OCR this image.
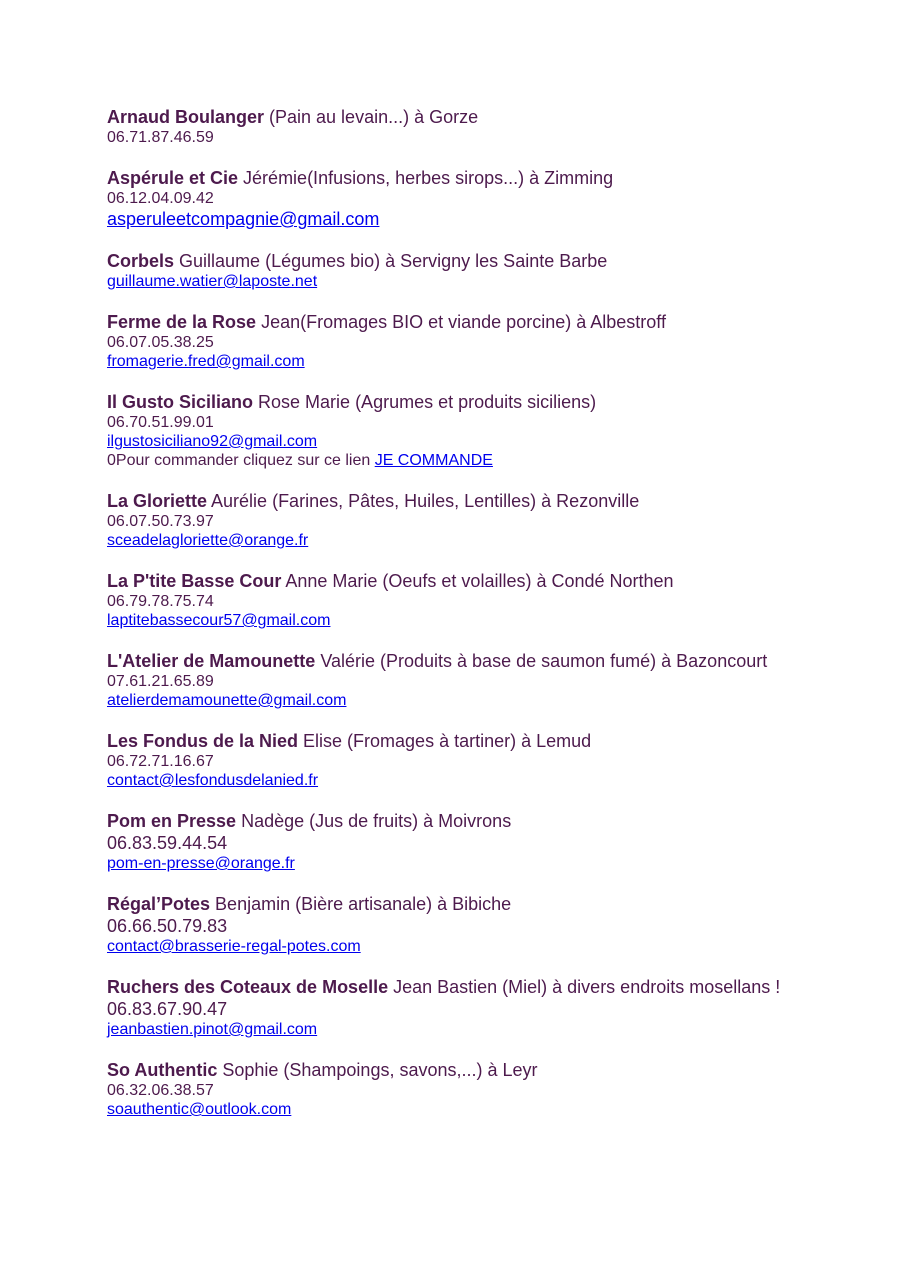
Arnaud Boulanger (Pain au levain...) à Gorze
06.71.87.46.59
Aspérule et Cie Jérémie(Infusions, herbes sirops...) à Zimming
06.12.04.09.42
asperuleetcompagnie@gmail.com
Corbels Guillaume (Légumes bio) à Servigny les Sainte Barbe
guillaume.watier@laposte.net
Ferme de la Rose Jean(Fromages BIO et viande porcine) à Albestroff
06.07.05.38.25
fromagerie.fred@gmail.com
Il Gusto Siciliano Rose Marie (Agrumes et produits siciliens)
06.70.51.99.01
ilgustosiciliano92@gmail.com
0Pour commander cliquez sur ce lien JE COMMANDE
La Gloriette Aurélie (Farines, Pâtes, Huiles, Lentilles) à Rezonville
06.07.50.73.97
sceadelagloriette@orange.fr
La P'tite Basse Cour Anne Marie (Oeufs et volailles) à Condé Northen
06.79.78.75.74
laptitebassecour57@gmail.com
L'Atelier de Mamounette Valérie (Produits à base de saumon fumé) à Bazoncourt
07.61.21.65.89
atelierdemamounette@gmail.com
Les Fondus de la Nied Elise (Fromages à tartiner) à Lemud
06.72.71.16.67
contact@lesfondusdelanied.fr
Pom en Presse Nadège (Jus de fruits) à Moivrons
06.83.59.44.54
pom-en-presse@orange.fr
Régal’Potes Benjamin (Bière artisanale) à Bibiche
06.66.50.79.83
contact@brasserie-regal-potes.com
Ruchers des Coteaux de Moselle Jean Bastien (Miel) à divers endroits mosellans !
06.83.67.90.47
jeanbastien.pinot@gmail.com
So Authentic Sophie (Shampoings, savons,...) à Leyr
06.32.06.38.57
soauthentic@outlook.com
